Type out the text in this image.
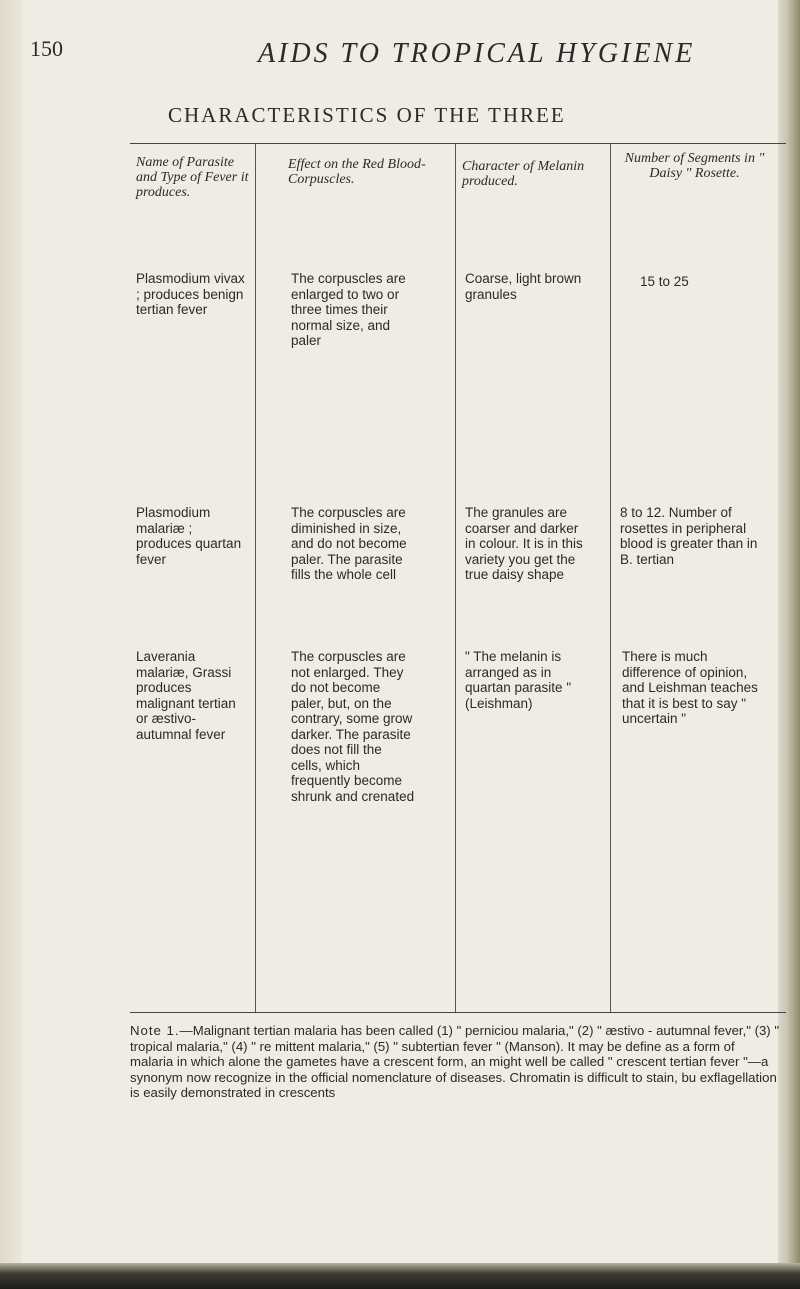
150	AIDS TO TROPICAL HYGIENE
CHARACTERISTICS OF THE THREE
Name of Parasite and Type of Fever it produces.
Effect on the Red Blood-Corpuscles.
Character of Melanin produced.
Number of Segments in " Daisy " Rosette.
Plasmodium vivax ; produces benign tertian fever
The corpuscles are enlarged to two or three times their normal size, and paler
Coarse, light brown granules
15 to 25
Plasmodium malariæ ; produces quartan fever
The corpuscles are diminished in size, and do not become paler. The parasite fills the whole cell
The granules are coarser and darker in colour. It is in this variety you get the true daisy shape
8 to 12. Number of rosettes in peripheral blood is greater than in B. tertian
Laverania malariæ, Grassi produces malignant tertian or æstivo-autumnal fever
The corpuscles are not enlarged. They do not become paler, but, on the contrary, some grow darker. The parasite does not fill the cells, which frequently become shrunk and crenated
" The melanin is arranged as in quartan parasite " (Leishman)
There is much difference of opinion, and Leishman teaches that it is best to say " uncertain "
Note 1.—Malignant tertian malaria has been called (1) " perniciou malaria," (2) " æstivo - autumnal fever," (3) " tropical malaria," (4) " re mittent malaria," (5) " subtertian fever " (Manson). It may be define as a form of malaria in which alone the gametes have a crescent form, an might well be called " crescent tertian fever "—a synonym now recognize in the official nomenclature of diseases. Chromatin is difficult to stain, bu exflagellation is easily demonstrated in crescents
